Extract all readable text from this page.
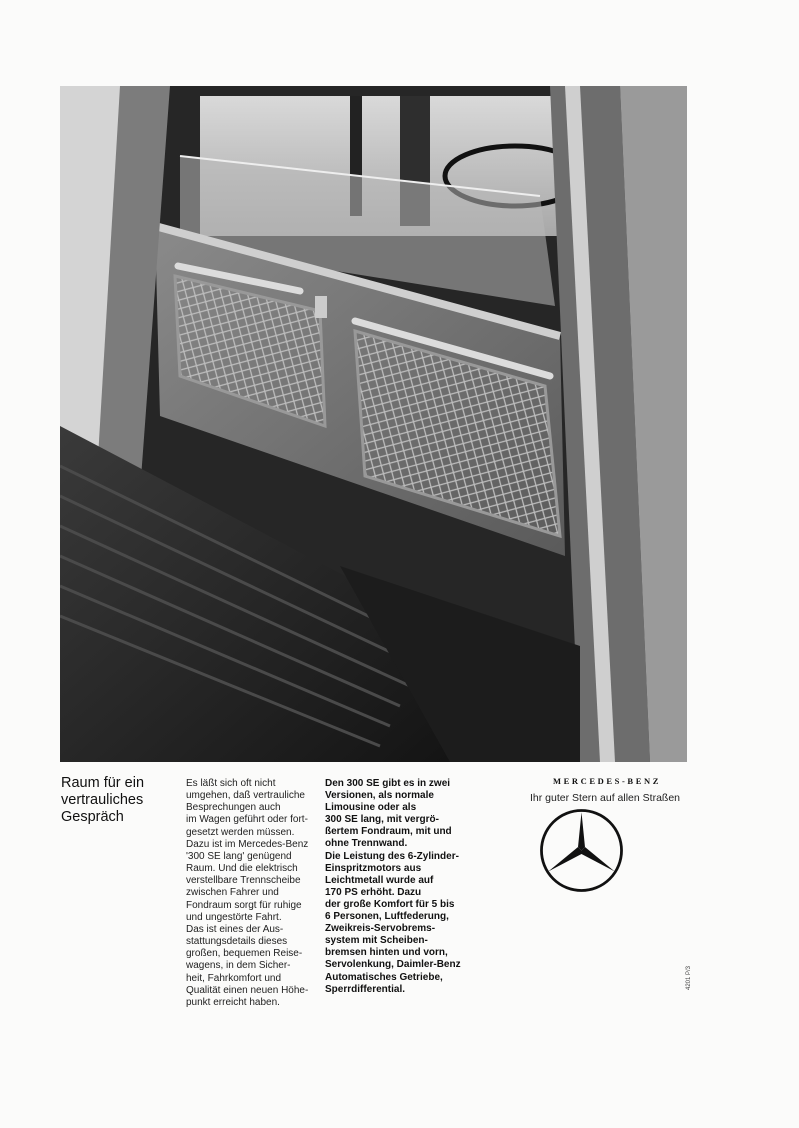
Raum für ein
vertrauliches
Gespräch
Es läßt sich oft nicht
umgehen, daß vertrauliche
Besprechungen auch
im Wagen geführt oder fort-
gesetzt werden müssen.
Dazu ist im Mercedes-Benz
'300 SE lang' genügend
Raum. Und die elektrisch
verstellbare Trennscheibe
zwischen Fahrer und
Fondraum sorgt für ruhige
und ungestörte Fahrt.
Das ist eines der Aus-
stattungsdetails dieses
großen, bequemen Reise-
wagens, in dem Sicher-
heit, Fahrkomfort und
Qualität einen neuen Höhe-
punkt erreicht haben.
Den 300 SE gibt es in zwei
Versionen, als normale
Limousine oder als
300 SE lang, mit vergrö-
ßertem Fondraum, mit und
ohne Trennwand.
Die Leistung des 6-Zylinder-
Einspritzmotors aus
Leichtmetall wurde auf
170 PS erhöht. Dazu
der große Komfort für 5 bis
6 Personen, Luftfederung,
Zweikreis-Servobrems-
system mit Scheiben-
bremsen hinten und vorn,
Servolenkung, Daimler-Benz
Automatisches Getriebe,
Sperrdifferential.
MERCEDES-BENZ
Ihr guter Stern auf allen Straßen
4201 P/3
